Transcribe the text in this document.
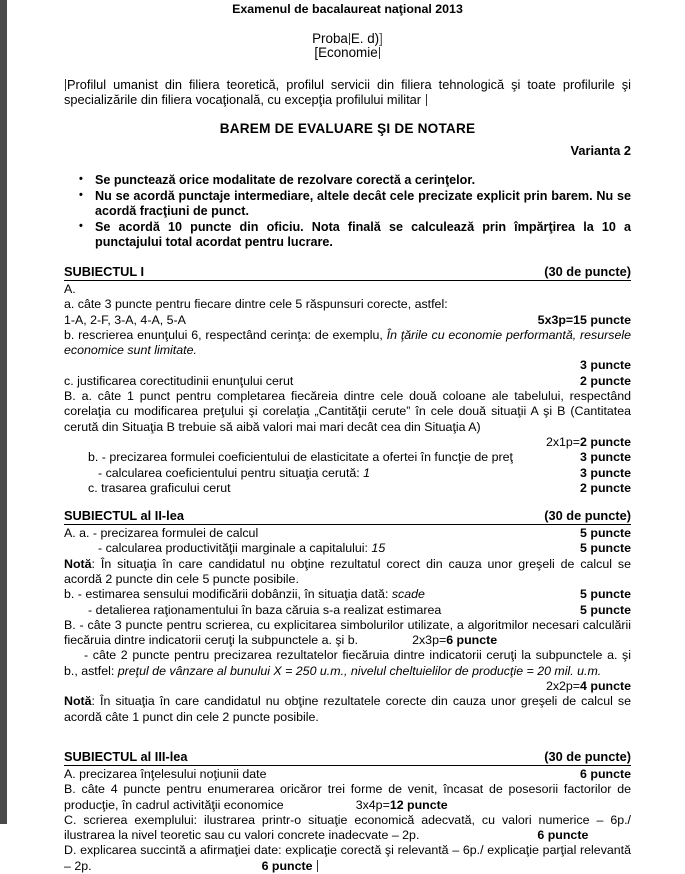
Examenul de bacalaureat naţional 2013
Proba E. d)]
[Economie
Profilul umanist din filiera teoretică, profilul servicii din filiera tehnologică şi toate profilurile şi specializările din filiera vocaţională, cu excepţia profilului militar
BAREM DE EVALUARE ŞI DE NOTARE
Varianta 2
• Se punctează orice modalitate de rezolvare corectă a cerinţelor.
• Nu se acordă punctaje intermediare, altele decât cele precizate explicit prin barem. Nu se acordă fracţiuni de punct.
• Se acordă 10 puncte din oficiu. Nota finală se calculează prin împărţirea la 10 a punctajului total acordat pentru lucrare.
SUBIECTUL I	(30 de puncte)
A.
a. câte 3 puncte pentru fiecare dintre cele 5 răspunsuri corecte, astfel:
1-A, 2-F, 3-A, 4-A, 5-A	5x3p=15 puncte
b. rescrierea enunţului 6, respectând cerinţa: de exemplu, În ţările cu economie performantă, resursele economice sunt limitate.
3 puncte
c. justificarea corectitudinii enunţului cerut	2 puncte
B. a. câte 1 punct pentru completarea fiecăreia dintre cele două coloane ale tabelului, respectând corelaţia cu modificarea preţului şi corelaţia „Cantităţii cerute” în cele două situaţii A şi B (Cantitatea cerută din Situaţia B trebuie să aibă valori mai mari decât cea din Situaţia A)
2x1p=2 puncte
b. - precizarea formulei coeficientului de elasticitate a ofertei în funcţie de preţ	3 puncte
- calcularea coeficientului pentru situaţia cerută: 1	3 puncte
c. trasarea graficului cerut	2 puncte
SUBIECTUL al II-lea	(30 de puncte)
A. a. - precizarea formulei de calcul	5 puncte
- calcularea productivităţii marginale a capitalului: 15	5 puncte
Notă: În situaţia în care candidatul nu obţine rezultatul corect din cauza unor greşeli de calcul se acordă 2 puncte din cele 5 puncte posibile.
b. - estimarea sensului modificării dobânzii, în situaţia dată: scade	5 puncte
- detalierea raţionamentului în baza căruia s-a realizat estimarea	5 puncte
B. - câte 3 puncte pentru scrierea, cu explicitarea simbolurilor utilizate, a algoritmilor necesari calculării fiecăruia dintre indicatorii ceruţi la subpunctele a. şi b.	2x3p=6 puncte
- câte 2 puncte pentru precizarea rezultatelor fiecăruia dintre indicatorii ceruţi la subpunctele a. şi b., astfel: preţul de vânzare al bunului X = 250 u.m., nivelul cheltuielilor de producţie = 20 mil. u.m.
2x2p=4 puncte
Notă: În situaţia în care candidatul nu obţine rezultatele corecte din cauza unor greşeli de calcul se acordă câte 1 punct din cele 2 puncte posibile.
SUBIECTUL al III-lea	(30 de puncte)
A. precizarea înţelesului noţiunii date	6 puncte
B. câte 4 puncte pentru enumerarea oricăror trei forme de venit, încasat de posesorii factorilor de producţie, în cadrul activităţii economice	3x4p=12 puncte
C. scrierea exemplului: ilustrarea printr-o situaţie economică adecvată, cu valori numerice – 6p./ ilustrarea la nivel teoretic sau cu valori concrete inadecvate – 2p.	6 puncte
D. explicarea succintă a afirmaţiei date: explicaţie corectă şi relevantă – 6p./ explicaţie parţial relevantă – 2p.	6 puncte
